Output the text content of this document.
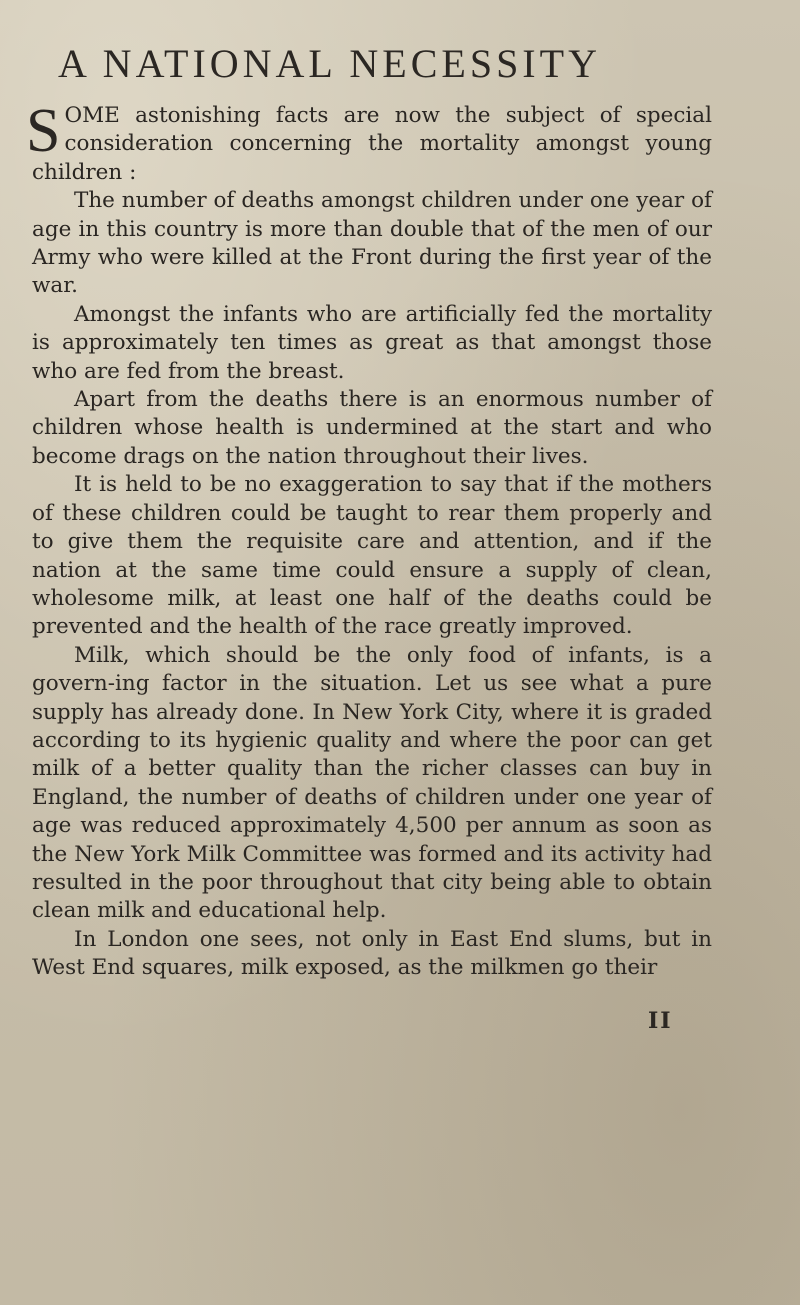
A NATIONAL NECESSITY

SOME astonishing facts are now the subject of special consideration concerning the mortality amongst young children :

The number of deaths amongst children under one year of age in this country is more than double that of the men of our Army who were killed at the Front during the first year of the war.

Amongst the infants who are artificially fed the mortality is approximately ten times as great as that amongst those who are fed from the breast.

Apart from the deaths there is an enormous number of children whose health is undermined at the start and who become drags on the nation throughout their lives.

It is held to be no exaggeration to say that if the mothers of these children could be taught to rear them properly and to give them the requisite care and attention, and if the nation at the same time could ensure a supply of clean, wholesome milk, at least one half of the deaths could be prevented and the health of the race greatly improved.

Milk, which should be the only food of infants, is a govern-ing factor in the situation. Let us see what a pure supply has already done. In New York City, where it is graded according to its hygienic quality and where the poor can get milk of a better quality than the richer classes can buy in England, the number of deaths of children under one year of age was reduced approximately 4,500 per annum as soon as the New York Milk Committee was formed and its activity had resulted in the poor throughout that city being able to obtain clean milk and educational help.

In London one sees, not only in East End slums, but in West End squares, milk exposed, as the milkmen go their

II
